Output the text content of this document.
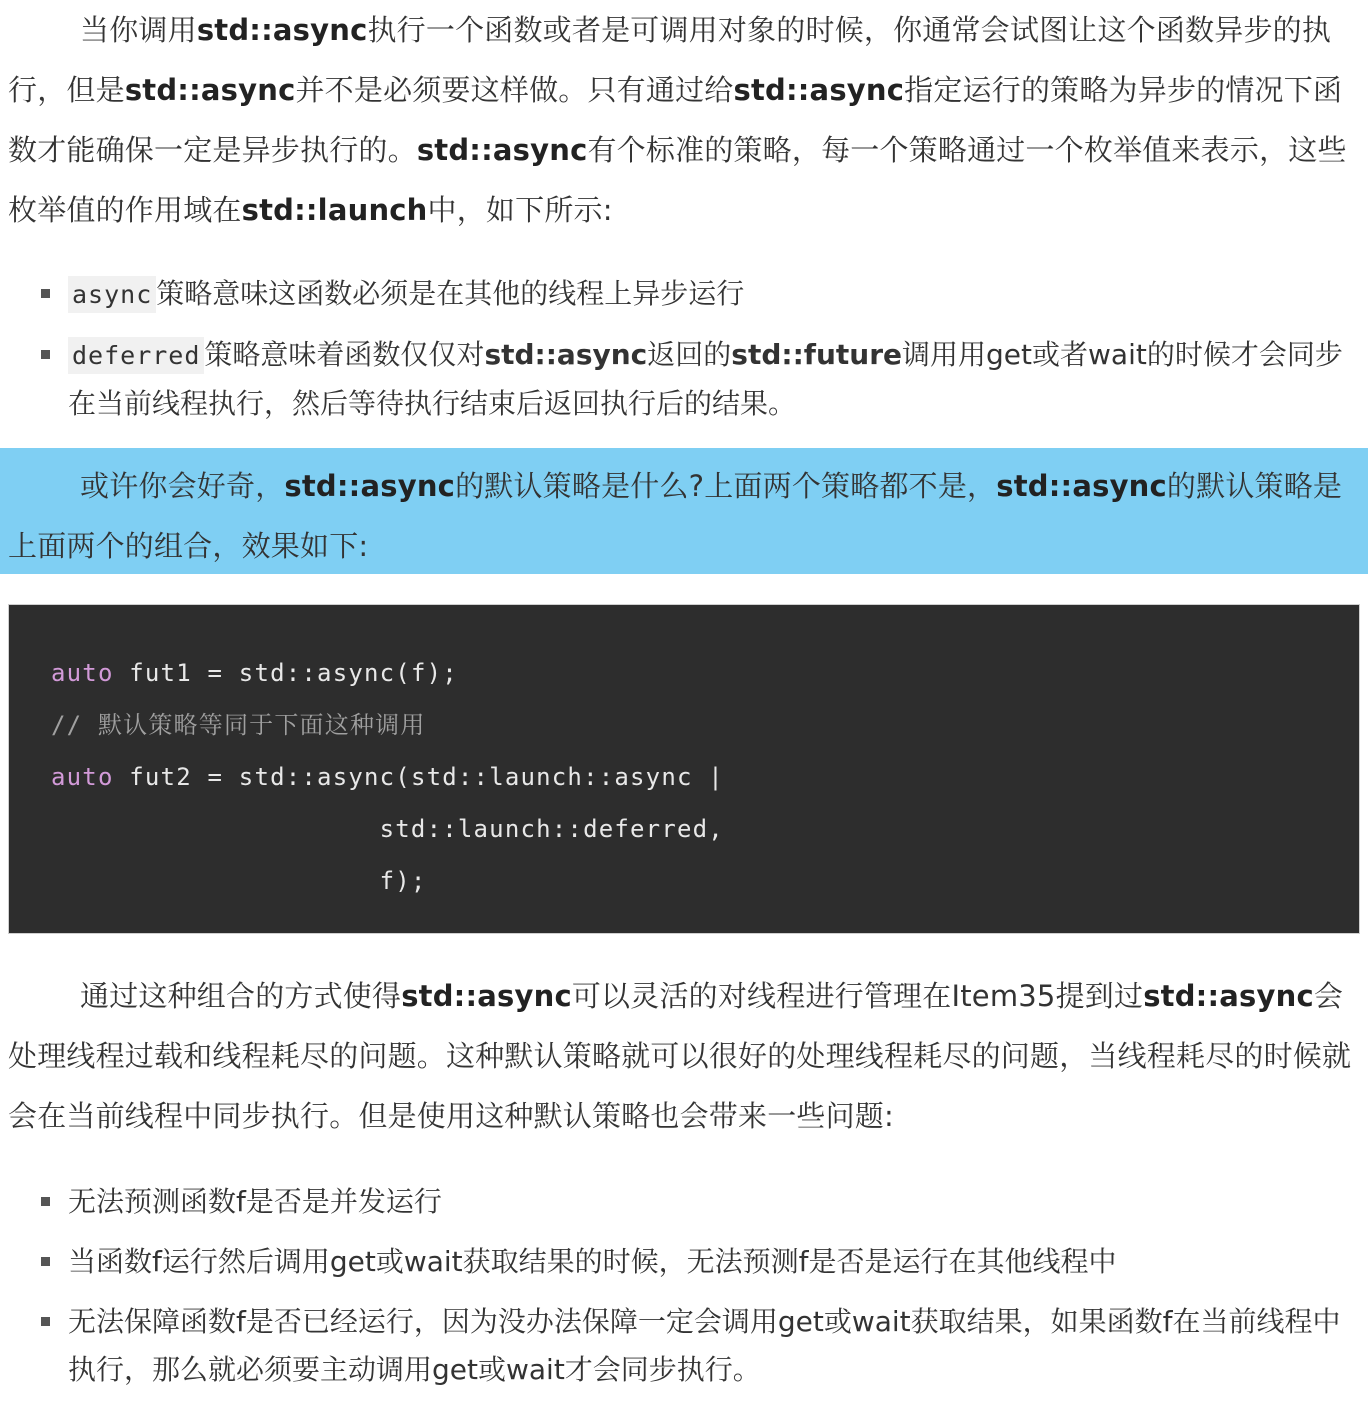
当你调用std::async执行一个函数或者是可调用对象的时候，你通常会试图让这个函数异步的执行，但是std::async并不是必须要这样做。只有通过给std::async指定运行的策略为异步的情况下函数才能确保一定是异步执行的。std::async有个标准的策略，每一个策略通过一个枚举值来表示，这些枚举值的作用域在std::launch中，如下所示:

async 策略意味这函数必须是在其他的线程上异步运行
deferred 策略意味着函数仅仅对std::async返回的std::future调用用get或者wait的时候才会同步在当前线程执行，然后等待执行结束后返回执行后的结果。

或许你会好奇，std::async的默认策略是什么?上面两个策略都不是，std::async的默认策略是上面两个的组合，效果如下:

auto fut1 = std::async(f);
// 默认策略等同于下面这种调用
auto fut2 = std::async(std::launch::async |
std::launch::deferred,
f);

通过这种组合的方式使得std::async可以灵活的对线程进行管理在Item35提到过std::async会处理线程过载和线程耗尽的问题。这种默认策略就可以很好的处理线程耗尽的问题，当线程耗尽的时候就会在当前线程中同步执行。但是使用这种默认策略也会带来一些问题:

无法预测函数f是否是并发运行
当函数f运行然后调用get或wait获取结果的时候，无法预测f是否是运行在其他线程中
无法保障函数f是否已经运行，因为没办法保障一定会调用get或wait获取结果，如果函数f在当前线程中执行，那么就必须要主动调用get或wait才会同步执行。
